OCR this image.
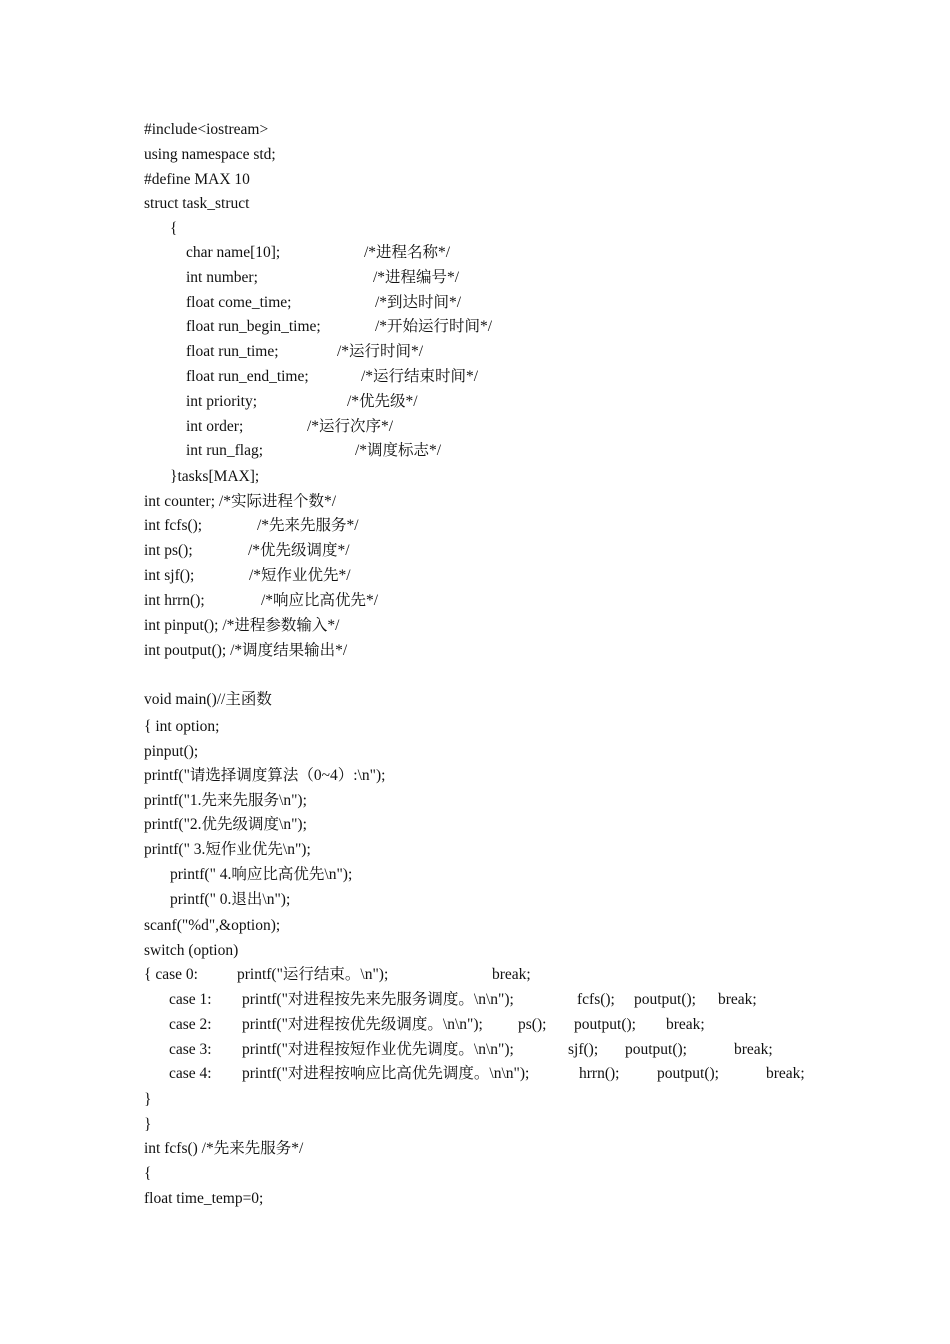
#include<iostream>
using namespace std;
#define MAX 10
struct task_struct
{

char name[10];

	/*进程名称*/

int number;

	/*进程编号*/

float come_time;

	/*到达时间*/

float run_begin_time;

	/*开始运行时间*/

float run_time;

	/*运行时间*/

float run_end_time;

	/*运行结束时间*/

int priority;

	/*优先级*/

int order;

	/*运行次序*/

int run_flag;

	/*调度标志*/

}tasks[MAX];
int counter; /*实际进程个数*/

int fcfs();

	/*先来先服务*/

int ps();

	/*优先级调度*/

int sjf();

	/*短作业优先*/

int hrrn();

	/*响应比高优先*/

int pinput(); /*进程参数输入*/
int poutput(); /*调度结果输出*/
void main()//主函数
{ int option;
pinput();
printf("请选择调度算法（0~4）:\n");
printf("1.先来先服务\n");
printf("2.优先级调度\n");
printf(" 3.短作业优先\n");
printf(" 4.响应比高优先\n");
printf(" 0.退出\n");
scanf("%d",&option);
switch (option)

{ case 0:

	printf("运行结束。\n");

	break;

case 1:

printf("对进程按先来先服务调度。\n\n");

	fcfs();

poutput();

break;

case 2:

printf("对进程按优先级调度。\n\n");

ps();

poutput();

break;

case 3:

printf("对进程按短作业优先调度。\n\n");

	sjf();

poutput();

	break;

case 4:

printf("对进程按响应比高优先调度。\n\n");

	hrrn();

poutput();

	break;

}
}
int fcfs() /*先来先服务*/
{
float time_temp=0;
